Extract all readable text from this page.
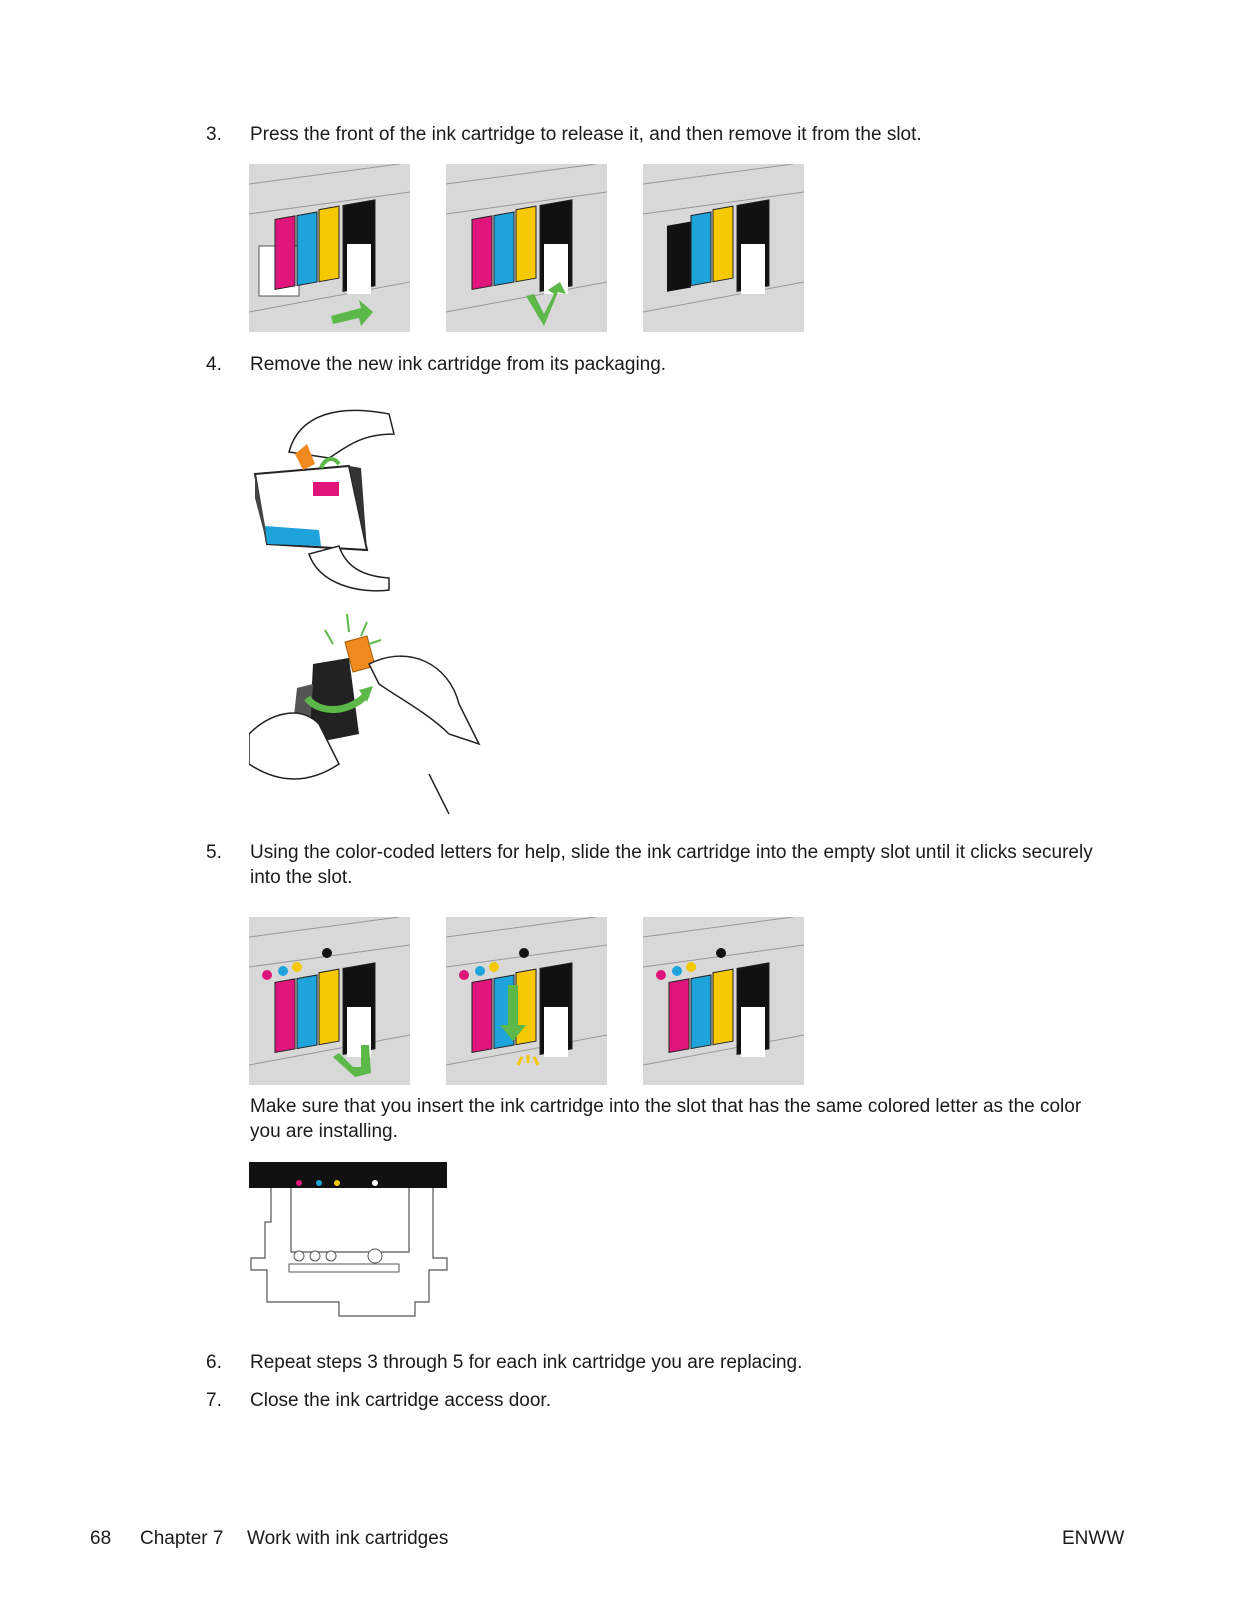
3.	Press the front of the ink cartridge to release it, and then remove it from the slot.
4.	Remove the new ink cartridge from its packaging.
5.	Using the color-coded letters for help, slide the ink cartridge into the empty slot until it clicks securely into the slot.
Make sure that you insert the ink cartridge into the slot that has the same colored letter as the color you are installing.
6.	Repeat steps 3 through 5 for each ink cartridge you are replacing.
7.	Close the ink cartridge access door.
68 Chapter 7 Work with ink cartridges	ENWW
